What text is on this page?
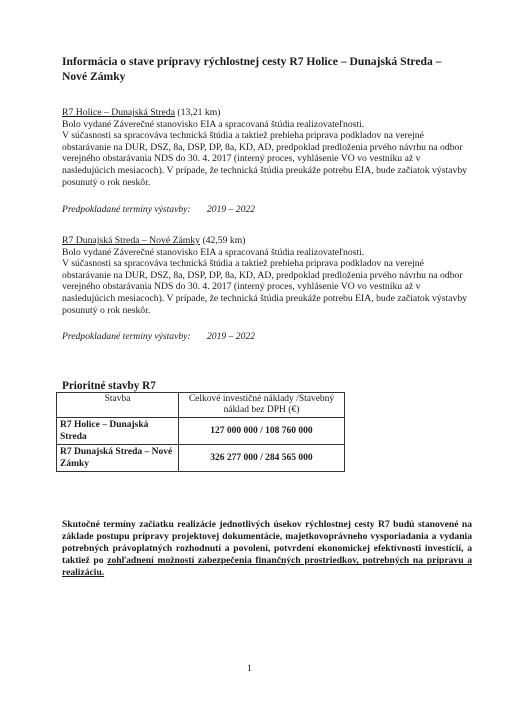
Informácia o stave prípravy rýchlostnej cesty R7 Holice – Dunajská Streda – Nové Zámky
R7 Holice – Dunajská Streda (13,21 km)

Bolo vydané Záverečné stanovisko EIA a spracovaná štúdia realizovateľnosti.

V súčasnosti sa spracováva technická štúdia a taktiež prebieha príprava podkladov na verejné obstarávanie na DUR, DSZ, 8a, DSP, DP, 8a, KD, AD, predpoklad predloženia prvého návrhu na odbor verejného obstarávania NDS do 30. 4. 2017 (interný proces, vyhlásenie VO vo vestníku až v nasledujúcich mesiacoch). V prípade, že technická štúdia preukáže potrebu EIA, bude začiatok výstavby posunutý o rok neskôr.

Predpokladané termíny výstavby: 2019 – 2022
R7 Dunajská Streda – Nové Zámky (42,59 km)

Bolo vydané Záverečné stanovisko EIA a spracovaná štúdia realizovateľnosti.

V súčasnosti sa spracováva technická štúdia a taktiež prebieha príprava podkladov na verejné obstarávanie na DUR, DSZ, 8a, DSP, DP, 8a, KD, AD, predpoklad predloženia prvého návrhu na odbor verejného obstarávania NDS do 30. 4. 2017 (interný proces, vyhlásenie VO vo vestníku až v nasledujúcich mesiacoch). V prípade, že technická štúdia preukáže potrebu EIA, bude začiatok výstavby posunutý o rok neskôr.

Predpokladané termíny výstavby: 2019 – 2022
Prioritné stavby R7
Stavba	Celkové investičné náklady /Stavebný náklad bez DPH (€)
R7 Holice – Dunajská Streda	127 000 000 / 108 760 000
R7 Dunajská Streda – Nové Zámky	326 277 000 / 284 565 000
Skutočné termíny začiatku realizácie jednotlivých úsekov rýchlostnej cesty R7 budú stanovené na základe postupu prípravy projektovej dokumentácie, majetkovoprávneho vysporiadania a vydania potrebných právoplatných rozhodnutí a povolení, potvrdení ekonomickej efektívnosti investícií, a taktiež po zohľadnení možností zabezpečenia finančných prostriedkov, potrebných na prípravu a realizáciu.
1
